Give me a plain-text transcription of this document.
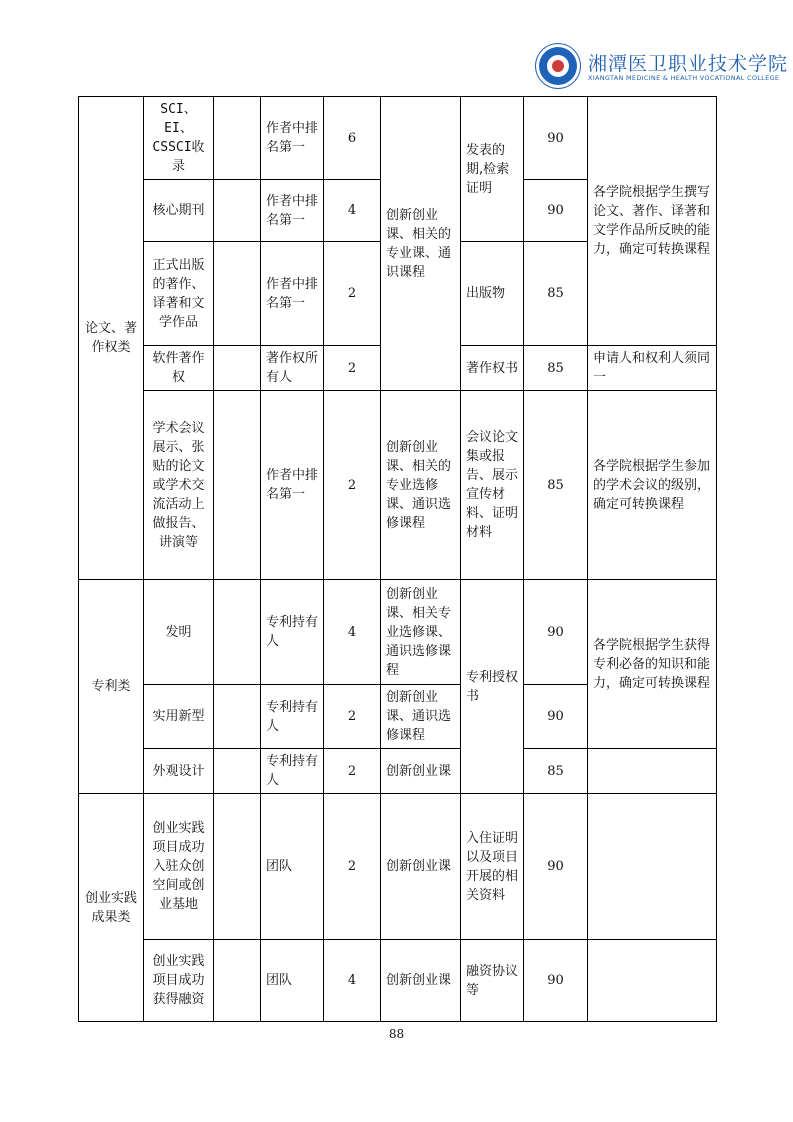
湘潭医卫职业技术学院
XIANGTAN MEDICINE & HEALTH VOCATIONAL COLLEGE
论文、著作权类	SCI、EI、CSSCI收录		作者中排名第一	6	创新创业课、相关的专业课、通识课程	发表的期,检索证明	90	各学院根据学生撰写论文、著作、译著和文学作品所反映的能力，确定可转换课程
	核心期刊		作者中排名第一	4			90	
	正式出版的著作、译著和文学作品		作者中排名第一	2		出版物	85	
	软件著作权		著作权所有人	2		著作权书	85	申请人和权利人须同一
	学术会议展示、张贴的论文或学术交流活动上做报告、讲演等		作者中排名第一	2	创新创业课、相关的专业选修课、通识选修课程	会议论文集或报告、展示宣传材料、证明材料	85	各学院根据学生参加的学术会议的级别，确定可转换课程
专利类	发明		专利持有人	4	创新创业课、相关专业选修课、通识选修课程	专利授权书	90	各学院根据学生获得专利必备的知识和能力，确定可转换课程
	实用新型		专利持有人	2	创新创业课、通识选修课程		90	
	外观设计		专利持有人	2	创新创业课		85	
创业实践成果类	创业实践项目成功入驻众创空间或创业基地		团队	2	创新创业课	入住证明以及项目开展的相关资料	90	
	创业实践项目成功获得融资		团队	4	创新创业课	融资协议等	90	
88
